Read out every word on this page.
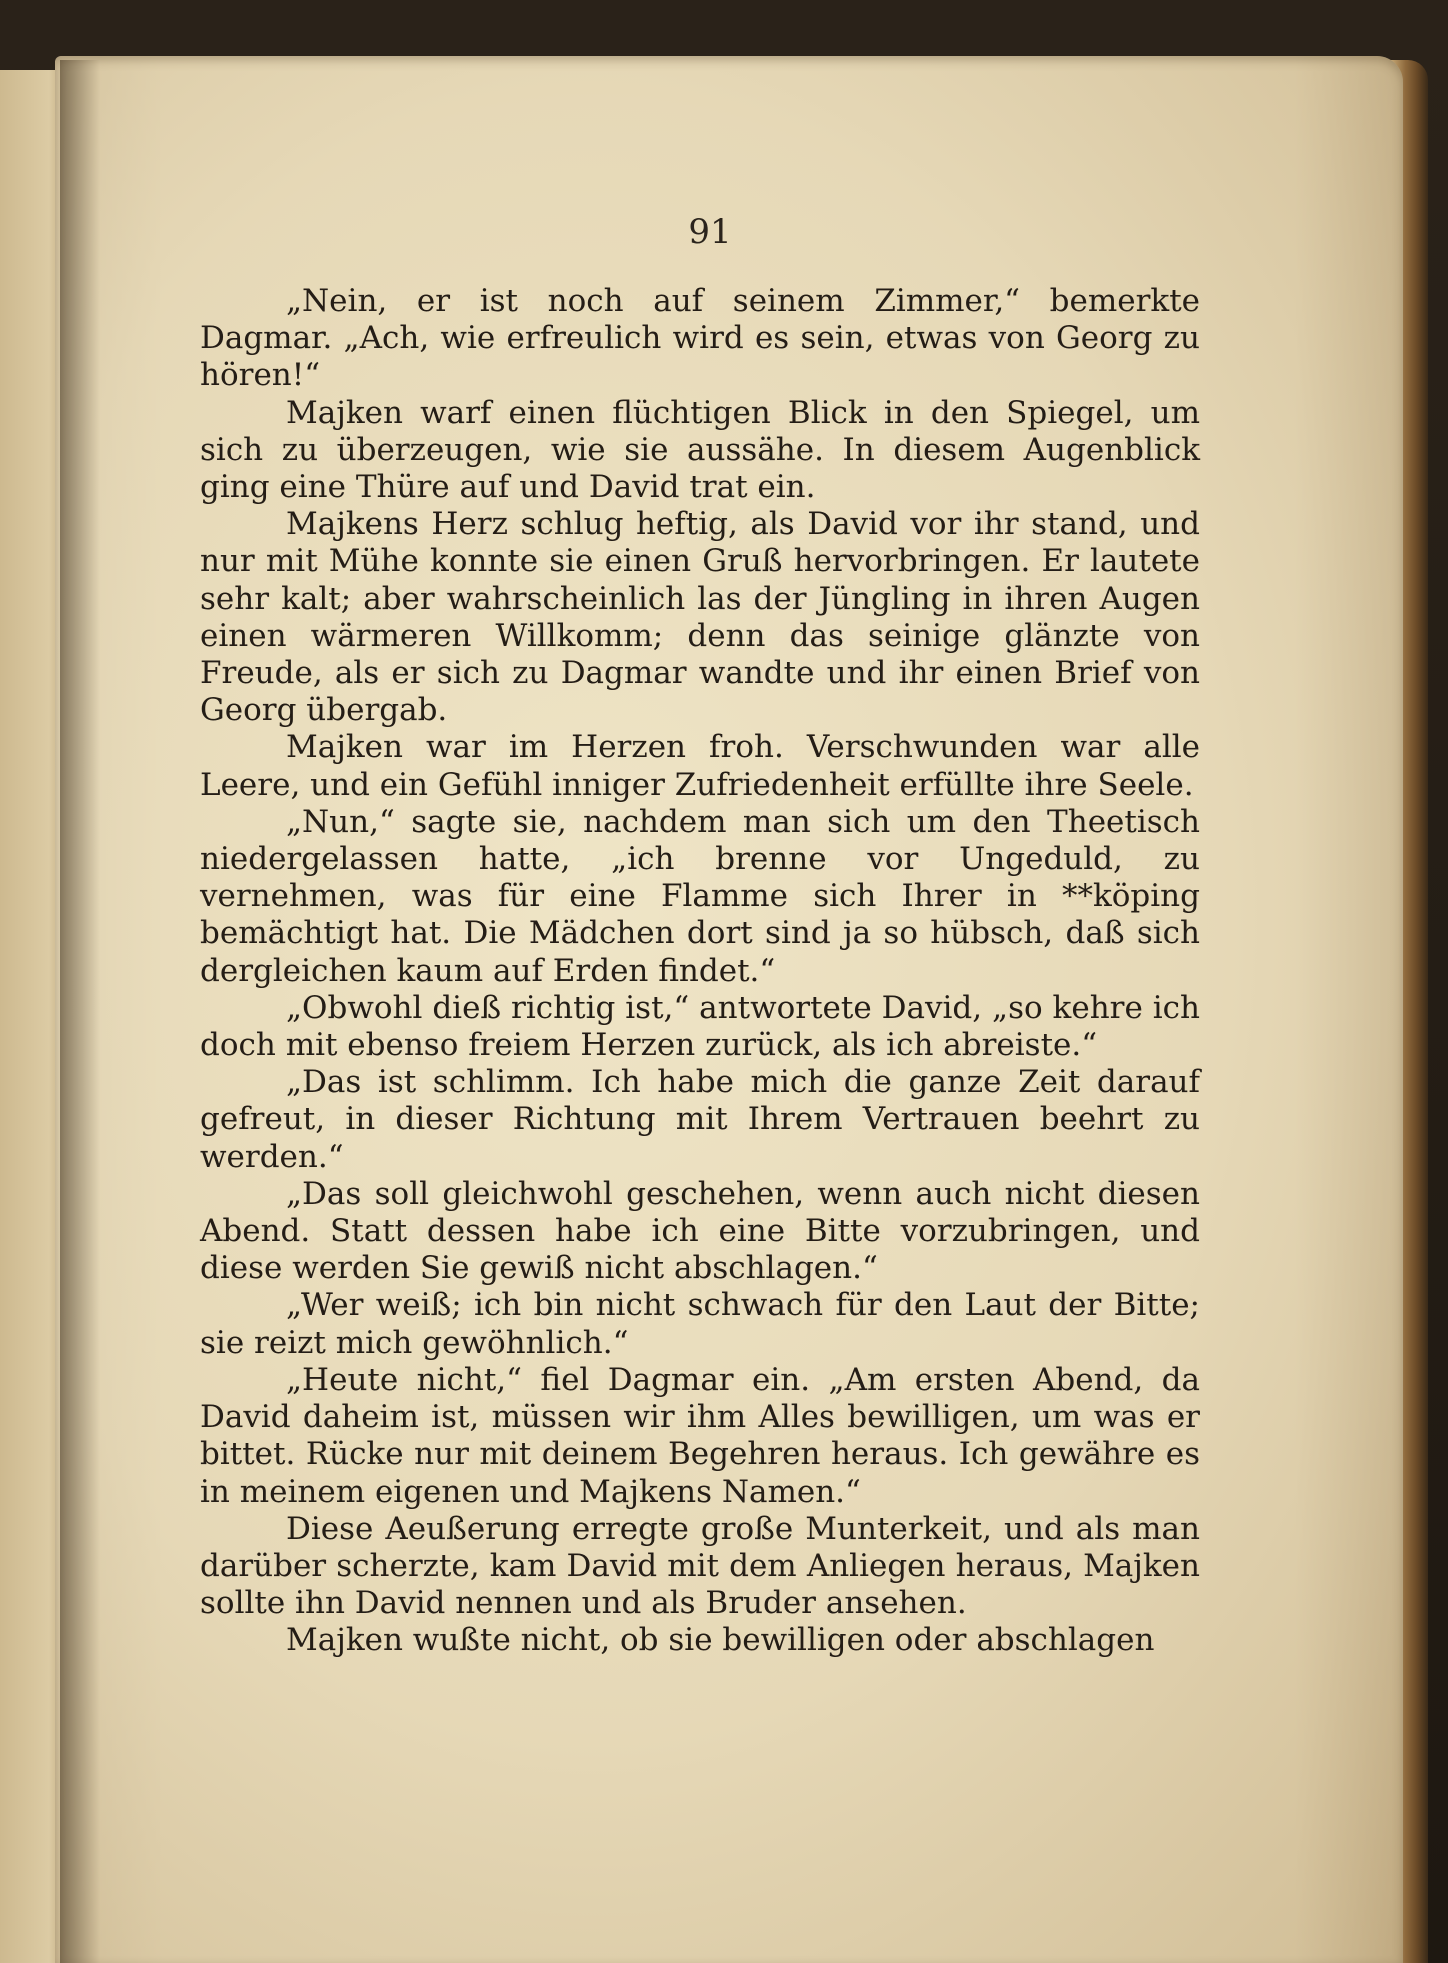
91

„Nein, er ist noch auf seinem Zimmer,“ bemerkte Dagmar. „Ach, wie erfreulich wird es sein, etwas von Georg zu hören!“

Majken warf einen flüchtigen Blick in den Spiegel, um sich zu überzeugen, wie sie aussähe. In diesem Augenblick ging eine Thüre auf und David trat ein.

Majkens Herz schlug heftig, als David vor ihr stand, und nur mit Mühe konnte sie einen Gruß hervorbringen. Er lautete sehr kalt; aber wahrscheinlich las der Jüngling in ihren Augen einen wärmeren Willkomm; denn das seinige glänzte von Freude, als er sich zu Dagmar wandte und ihr einen Brief von Georg übergab.

Majken war im Herzen froh. Verschwunden war alle Leere, und ein Gefühl inniger Zufriedenheit erfüllte ihre Seele.

„Nun,“ sagte sie, nachdem man sich um den Theetisch niedergelassen hatte, „ich brenne vor Ungeduld, zu vernehmen, was für eine Flamme sich Ihrer in **köping bemächtigt hat. Die Mädchen dort sind ja so hübsch, daß sich dergleichen kaum auf Erden findet.“

„Obwohl dieß richtig ist,“ antwortete David, „so kehre ich doch mit ebenso freiem Herzen zurück, als ich abreiste.“

„Das ist schlimm. Ich habe mich die ganze Zeit darauf gefreut, in dieser Richtung mit Ihrem Vertrauen beehrt zu werden.“

„Das soll gleichwohl geschehen, wenn auch nicht diesen Abend. Statt dessen habe ich eine Bitte vorzubringen, und diese werden Sie gewiß nicht abschlagen.“

„Wer weiß; ich bin nicht schwach für den Laut der Bitte; sie reizt mich gewöhnlich.“

„Heute nicht,“ fiel Dagmar ein. „Am ersten Abend, da David daheim ist, müssen wir ihm Alles bewilligen, um was er bittet. Rücke nur mit deinem Begehren heraus. Ich gewähre es in meinem eigenen und Majkens Namen.“

Diese Aeußerung erregte große Munterkeit, und als man darüber scherzte, kam David mit dem Anliegen heraus, Majken sollte ihn David nennen und als Bruder ansehen.

Majken wußte nicht, ob sie bewilligen oder abschlagen
